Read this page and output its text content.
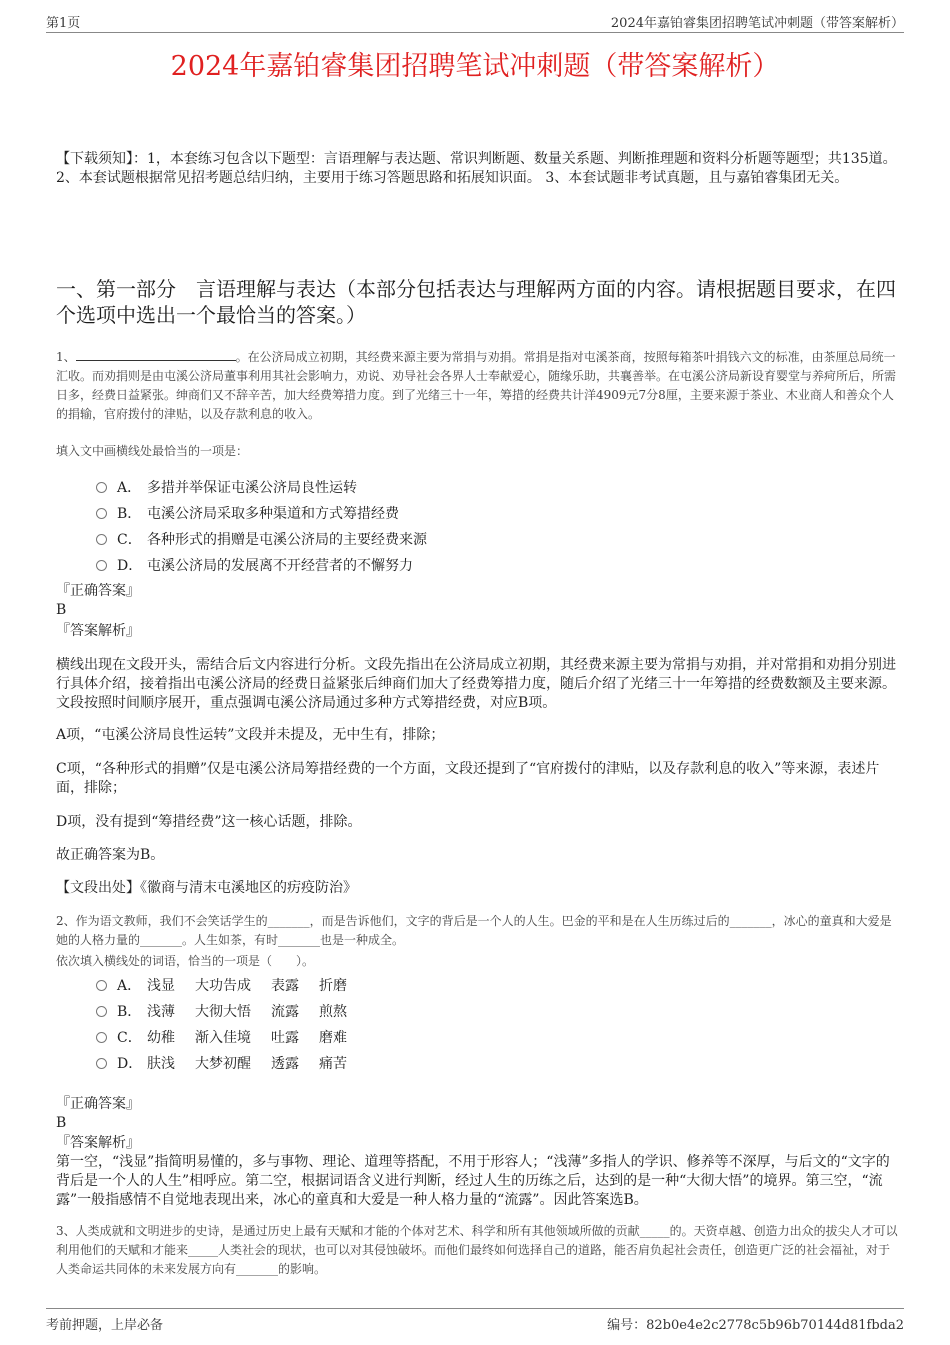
第1页	2024年嘉铂睿集团招聘笔试冲刺题（带答案解析）
2024年嘉铂睿集团招聘笔试冲刺题（带答案解析）
【下载须知】：1，本套练习包含以下题型：言语理解与表达题、常识判断题、数量关系题、判断推理题和资料分析题等题型；共135道。 2、本套试题根据常见招考题总结归纳，主要用于练习答题思路和拓展知识面。 3、本套试题非考试真题，且与嘉铂睿集团无关。
一、第一部分　言语理解与表达（本部分包括表达与理解两方面的内容。请根据题目要求，在四个选项中选出一个最恰当的答案。）
1、	。在公济局成立初期，其经费来源主要为常捐与劝捐。常捐是指对屯溪茶商，按照每箱茶叶捐钱六文的标准，由茶厘总局统一汇收。而劝捐则是由屯溪公济局董事利用其社会影响力，劝说、劝导社会各界人士奉献爱心，随缘乐助，共襄善举。在屯溪公济局新设育婴堂与养疴所后，所需日多，经费日益紧张。绅商们又不辞辛苦，加大经费筹措力度。到了光绪三十一年，筹措的经费共计洋4909元7分8厘，主要来源于茶业、木业商人和善众个人的捐输，官府拨付的津贴，以及存款利息的收入。
填入文中画横线处最恰当的一项是：
A． 多措并举保证屯溪公济局良性运转
B． 屯溪公济局采取多种渠道和方式筹措经费
C． 各种形式的捐赠是屯溪公济局的主要经费来源
D． 屯溪公济局的发展离不开经营者的不懈努力
『正确答案』
B
『答案解析』
横线出现在文段开头，需结合后文内容进行分析。文段先指出在公济局成立初期，其经费来源主要为常捐与劝捐，并对常捐和劝捐分别进行具体介绍，接着指出屯溪公济局的经费日益紧张后绅商们加大了经费筹措力度，随后介绍了光绪三十一年筹措的经费数额及主要来源。文段按照时间顺序展开，重点强调屯溪公济局通过多种方式筹措经费，对应B项。
A项，“屯溪公济局良性运转”文段并未提及，无中生有，排除；
C项，“各种形式的捐赠”仅是屯溪公济局筹措经费的一个方面，文段还提到了“官府拨付的津贴，以及存款利息的收入”等来源，表述片面，排除；
D项，没有提到“筹措经费”这一核心话题，排除。
故正确答案为B。
【文段出处】《徽商与清末屯溪地区的疠疫防治》
2、作为语文教师，我们不会笑话学生的_______，而是告诉他们，文字的背后是一个人的人生。巴金的平和是在人生历练过后的_______，冰心的童真和大爱是她的人格力量的_______。人生如茶，有时_______也是一种成全。
依次填入横线处的词语，恰当的一项是（　　）。
A． 浅显 大功告成 表露 折磨
B． 浅薄 大彻大悟 流露 煎熬
C． 幼稚 渐入佳境 吐露 磨难
D． 肤浅 大梦初醒 透露 痛苦
『正确答案』
B
『答案解析』
第一空，“浅显”指简明易懂的，多与事物、理论、道理等搭配，不用于形容人；“浅薄”多指人的学识、修养等不深厚，与后文的“文字的背后是一个人的人生”相呼应。第二空，根据词语含义进行判断，经过人生的历练之后，达到的是一种“大彻大悟”的境界。第三空，“流露”一般指感情不自觉地表现出来，冰心的童真和大爱是一种人格力量的“流露”。因此答案选B。
3、人类成就和文明进步的史诗，是通过历史上最有天赋和才能的个体对艺术、科学和所有其他领域所做的贡献_____的。天资卓越、创造力出众的拔尖人才可以利用他们的天赋和才能来_____人类社会的现状，也可以对其侵蚀破坏。而他们最终如何选择自己的道路，能否肩负起社会责任，创造更广泛的社会福祉，对于人类命运共同体的未来发展方向有_______的影响。
考前押题，上岸必备	编号：82b0e4e2c2778c5b96b70144d81fbda2
